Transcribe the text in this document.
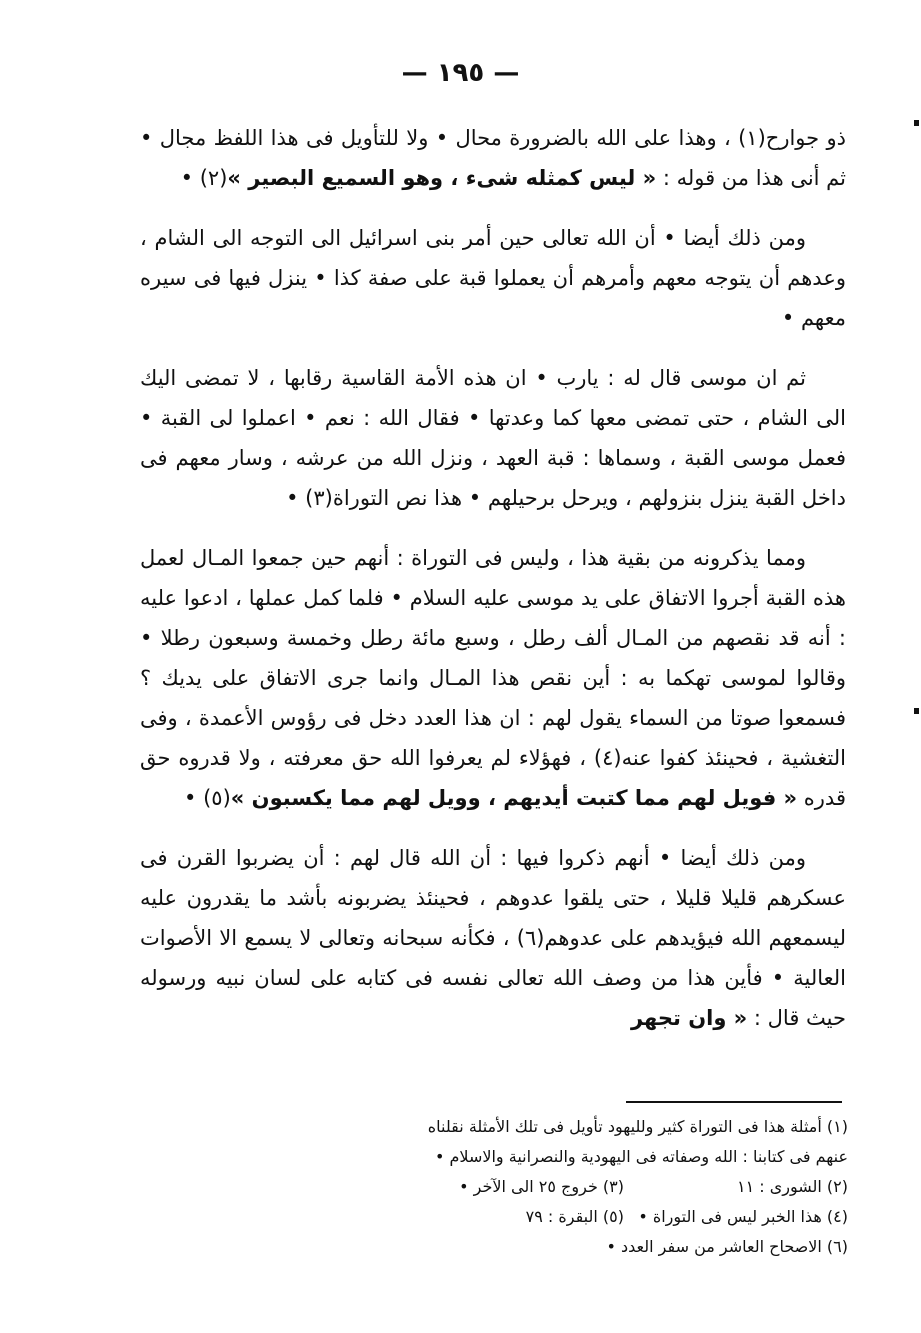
— ١٩٥ —

ذو جوارح(١) ، وهذا على الله بالضرورة محال • ولا للتأويل فى هذا اللفظ مجال • ثم أنى هذا من قوله : « ليس كمثله شىء ، وهو السميع البصير »(٢) •

ومن ذلك أيضا • أن الله تعالى حين أمر بنى اسرائيل الى التوجه الى الشام ، وعدهم أن يتوجه معهم وأمرهم أن يعملوا قبة على صفة كذا • ينزل فيها فى سيره معهم •

ثم ان موسى قال له : يارب • ان هذه الأمة القاسية رقابها ، لا تمضى اليك الى الشام ، حتى تمضى معها كما وعدتها • فقال الله : نعم • اعملوا لى القبة • فعمل موسى القبة ، وسماها : قبة العهد ، ونزل الله من عرشه ، وسار معهم فى داخل القبة ينزل بنزولهم ، ويرحل برحيلهم • هذا نص التوراة(٣) •

ومما يذكرونه من بقية هذا ، وليس فى التوراة : أنهم حين جمعوا المـال لعمل هذه القبة أجروا الاتفاق على يد موسى عليه السلام • فلما كمل عملها ، ادعوا عليه : أنه قد نقصهم من المـال ألف رطل ، وسبع مائة رطل وخمسة وسبعون رطلا • وقالوا لموسى تهكما به : أين نقص هذا المـال وانما جرى الاتفاق على يديك ؟ فسمعوا صوتا من السماء يقول لهم : ان هذا العدد دخل فى رؤوس الأعمدة ، وفى التغشية ، فحينئذ كفوا عنه(٤) ، فهؤلاء لم يعرفوا الله حق معرفته ، ولا قدروه حق قدره « فويل لهم مما كتبت أيديهم ، وويل لهم مما يكسبون »(٥) •

ومن ذلك أيضا • أنهم ذكروا فيها : أن الله قال لهم : أن يضربوا القرن فى عسكرهم قليلا قليلا ، حتى يلقوا عدوهم ، فحينئذ يضربونه بأشد ما يقدرون عليه ليسمعهم الله فيؤيدهم على عدوهم(٦) ، فكأنه سبحانه وتعالى لا يسمع الا الأصوات العالية • فأين هذا من وصف الله تعالى نفسه فى كتابه على لسان نبيه ورسوله حيث قال : « وان تجهر

(١) أمثلة هذا فى التوراة كثير ولليهود تأويل فى تلك الأمثلة نقلناه
عنهم فى كتابنا : الله وصفاته فى اليهودية والنصرانية والاسلام •
(٢) الشورى : ١١
(٣) خروج ٢٥ الى الآخر •
(٤) هذا الخبر ليس فى التوراة •
(٥) البقرة : ٧٩
(٦) الاصحاح العاشر من سفر العدد •
